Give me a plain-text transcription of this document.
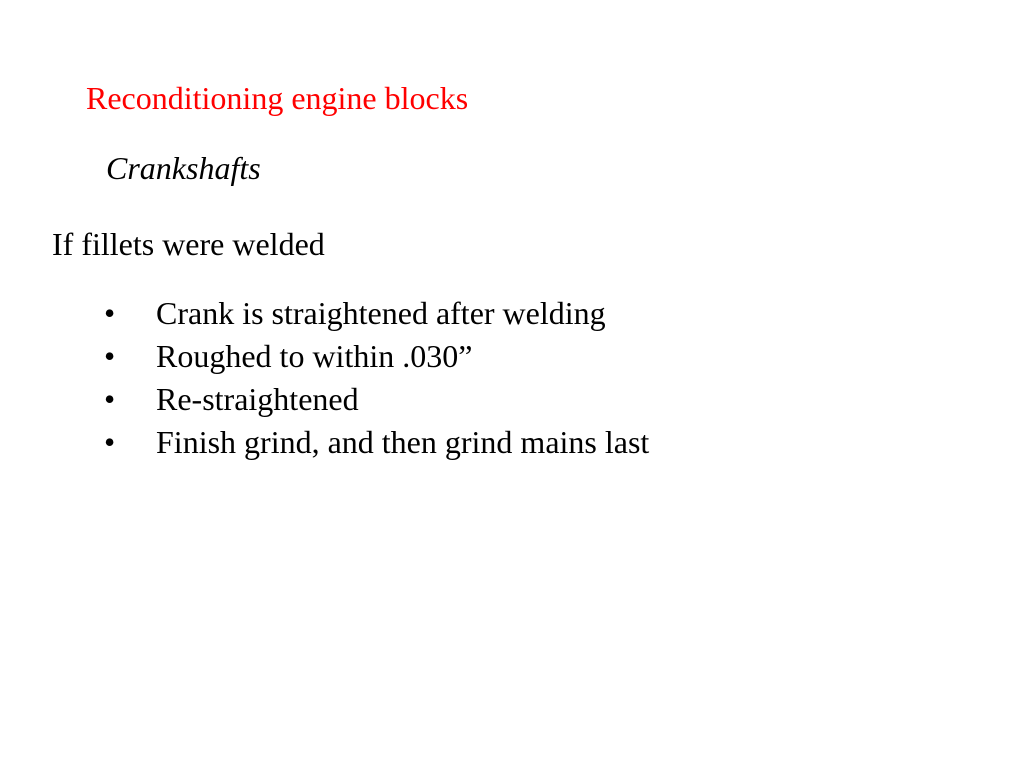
Reconditioning engine blocks
Crankshafts
If fillets were welded
• Crank is straightened after welding
• Roughed to within .030”
• Re-straightened
• Finish grind, and then grind mains last
